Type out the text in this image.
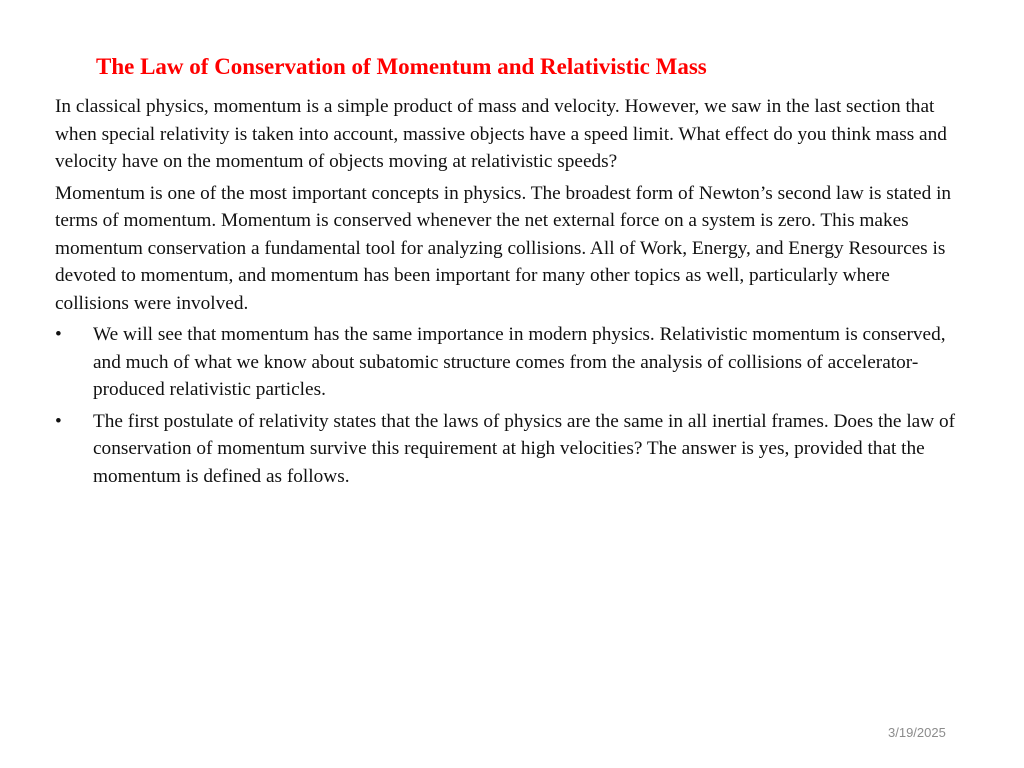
The Law of Conservation of Momentum and Relativistic Mass

In classical physics, momentum is a simple product of mass and velocity. However, we saw in the last section that when special relativity is taken into account, massive objects have a speed limit. What effect do you think mass and velocity have on the momentum of objects moving at relativistic speeds?

Momentum is one of the most important concepts in physics. The broadest form of Newton’s second law is stated in terms of momentum. Momentum is conserved whenever the net external force on a system is zero. This makes momentum conservation a fundamental tool for analyzing collisions. All of Work, Energy, and Energy Resources is devoted to momentum, and momentum has been important for many other topics as well, particularly where collisions were involved.

• We will see that momentum has the same importance in modern physics. Relativistic momentum is conserved, and much of what we know about subatomic structure comes from the analysis of collisions of accelerator-produced relativistic particles.
• The first postulate of relativity states that the laws of physics are the same in all inertial frames. Does the law of conservation of momentum survive this requirement at high velocities? The answer is yes, provided that the momentum is defined as follows.
3/19/2025
